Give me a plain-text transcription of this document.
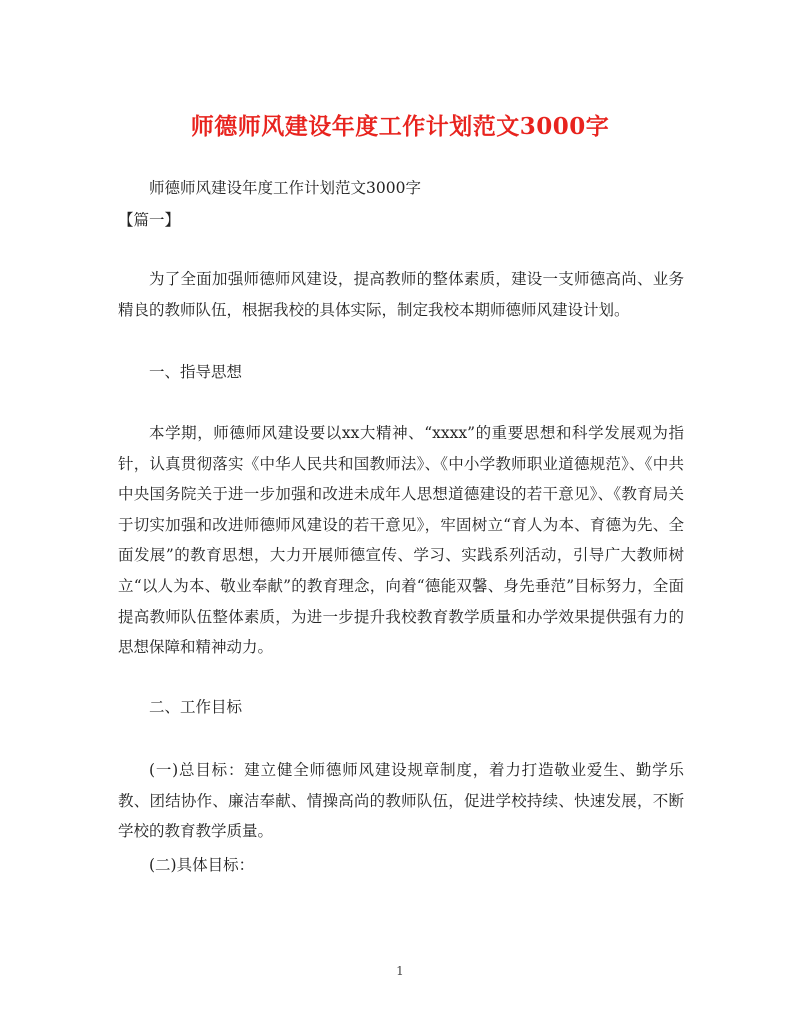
师德师风建设年度工作计划范文3000字
师德师风建设年度工作计划范文3000字
【篇一】
为了全面加强师德师风建设，提高教师的整体素质，建设一支师德高尚、业务精良的教师队伍，根据我校的具体实际，制定我校本期师德师风建设计划。
一、指导思想
本学期，师德师风建设要以xx大精神、“xxxx”的重要思想和科学发展观为指针，认真贯彻落实《中华人民共和国教师法》、《中小学教师职业道德规范》、《中共中央国务院关于进一步加强和改进未成年人思想道德建设的若干意见》、《教育局关于切实加强和改进师德师风建设的若干意见》，牢固树立“育人为本、育德为先、全面发展”的教育思想，大力开展师德宣传、学习、实践系列活动，引导广大教师树立“以人为本、敬业奉献”的教育理念，向着“德能双馨、身先垂范”目标努力，全面提高教师队伍整体素质，为进一步提升我校教育教学质量和办学效果提供强有力的思想保障和精神动力。
二、工作目标
(一)总目标：建立健全师德师风建设规章制度，着力打造敬业爱生、勤学乐教、团结协作、廉洁奉献、情操高尚的教师队伍，促进学校持续、快速发展，不断学校的教育教学质量。
(二)具体目标：
1
